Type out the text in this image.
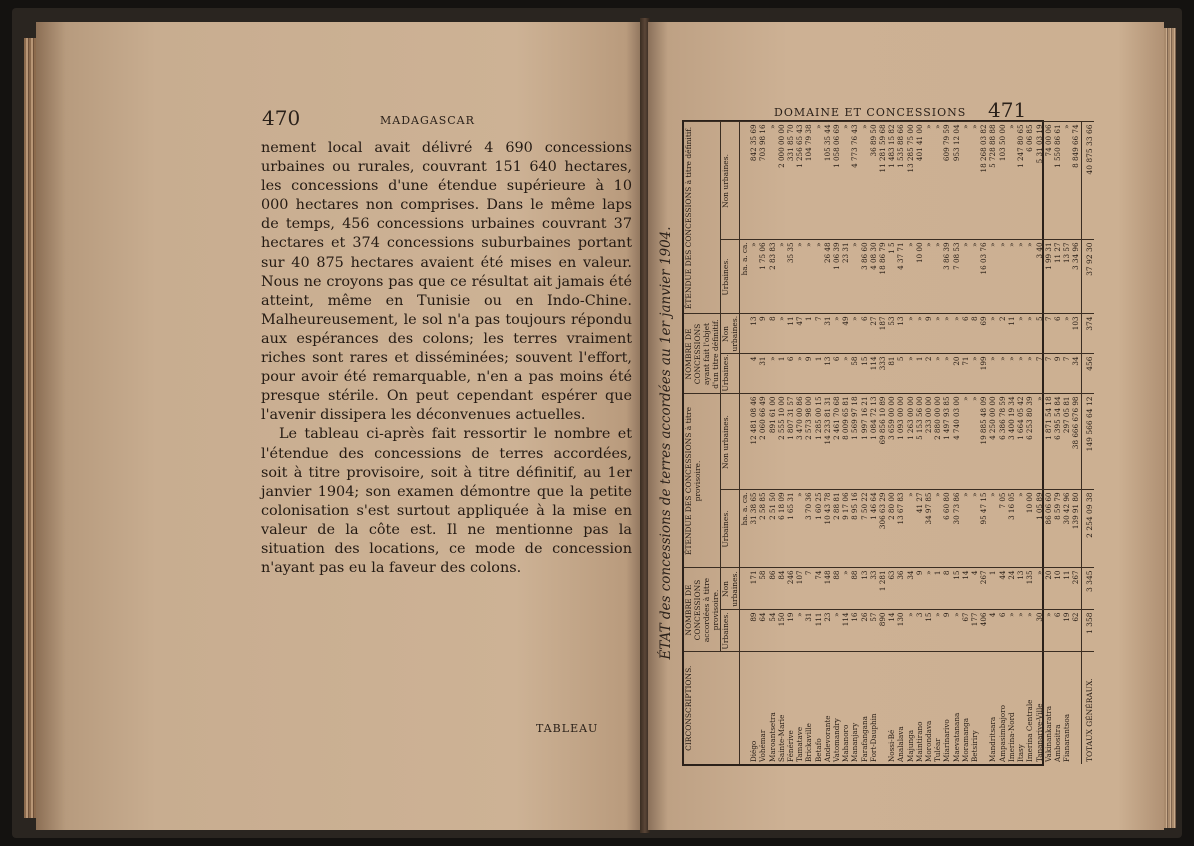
470	MADAGASCAR

nement local avait délivré 4 690 concessions urbaines ou rurales, couvrant 151 640 hectares, les concessions d'une étendue supérieure à 10 000 hectares non comprises. Dans le même laps de temps, 456 concessions urbaines couvrant 37 hectares et 374 concessions suburbaines portant sur 40 875 hectares avaient été mises en valeur. Nous ne croyons pas que ce résultat ait jamais été atteint, même en Tunisie ou en Indo-Chine. Malheureusement, le sol n'a pas toujours répondu aux espérances des colons; les terres vraiment riches sont rares et disséminées; souvent l'effort, pour avoir été remarquable, n'en a pas moins été presque stérile. On peut cependant espérer que l'avenir dissipera les déconvenues actuelles.

Le tableau ci-après fait ressortir le nombre et l'étendue des concessions de terres accordées, soit à titre provisoire, soit à titre définitif, au 1er janvier 1904; son examen démontre que la petite colonisation s'est surtout appliquée à la mise en valeur de la côte est. Il ne mentionne pas la situation des locations, ce mode de concession n'ayant pas eu la faveur des colons.

TABLEAU
DOMAINE ET CONCESSIONS 471
ÉTAT des concessions de terres accordées au 1er janvier 1904.
CIRCONSCRIPTIONS.	NOMBRE DE CONCESSIONS accordées à titre provisoire.		ÉTENDUE DES CONCESSIONS à titre provisoire.		NOMBRE DE CONCESSIONS ayant fait l'objet d'un titre définitif.		ÉTENDUE DES CONCESSIONS à titre définitif.	
	Urbaines.	Non urbaines.	Urbaines.	Non urbaines.	Urbaines.	Non urbaines.	Urbaines.	Non urbaines.
			ha. a. ca.				ha. a. ca.	
Diégo	89	171	31 38 65	12 481 08 46	4	13	»	842 35 69
Vohémar	64	58	2 58 85	2 060 66 49	31	9	1 75 06	703 98 16
Maroantsetra	54	86	2 51 50	891 61 00	»	8	2 83 83	»
Sainte-Marie	150	84	6 18 09	2 555 10 00	1	»	»	2 000 00 00
Fénérive	19	246	1 65 31	1 807 31 57	6	11	35 35	331 85 70
Tamatave	»	107	»	3 470 00 86	»	47	»	1 256 65 43
Brickaville	31	7	3 70 36	2 573 98 00	9	1	»	104 79 38
Betafo	111	74	1 60 25	1 285 00 15	1	7	»	»
Andevorante	23	148	10 43 78	14 233 81 31	13	31	26 48	105 35 44
Vatomandry	»	88	2 88 81	2 461 70 68	6	»	1 06 39	1 058 06 69
Mahanoro	114	»	9 17 06	8 009 65 81	»	49	23 31	»
Mananjary	16	88	8 95 16	1 569 97 18	58	»	»	4 773 76 43
Farafangana	26	13	7 50 22	1 997 16 21	15	6	3 86 60	»
Fort-Dauphin	57	33	1 46 64	1 084 72 13	114	27	4 08 30	36 89 50
	890	1 281	306 63 29	69 856 10 89	333	187	18 86 79	11 281 59 68
Nossi-Bé	14	63	2 80 00	3 659 00 00	81	53	1 5	1 483 15 82
Analalava	130	36	13 67 83	1 093 00 00	5	13	4 37 71	1 535 88 66
Majunga	»	34	»	1 263 00 00	»	»	»	13 285 75 00
Maintirano	3	9	41 27	5 153 56 00	1	»	10 00	401 41 00
Morondava	15	»	34 97 85	233 00 00	2	9	»	»
Tuléar	»	1	»	2 880 00 00	»	»	»	»
Miarinarivo	9	8	6 60 80	1 497 93 85	»	»	3 86 39	609 79 59
Maevatanana	»	15	30 73 86	4 740 03 00	20	»	7 08 53	953 12 04
Moramanga	67	14	»	»	71	6	»	»
Betsiriry	177	4	»	»	»	8	»	»
	406	267	95 47 15	19 885 48 09	199	69	16 03 76	18 268 03 82
Mandritsara	4	1	»	4 250 00 00	»	»	»	5 728 88 88
Ampasimbajoro	6	44	7 05	6 386 78 59	»	2	»	103 50 00
Imerina-Nord	»	24	3 16 05	3 400 19 34	»	11	»	»
Itasy	»	13	»	1 664 05 42	»	»	»	1 247 80 65
Imerina Centrale	»	135	10 00	6 253 80 39	»	»	»	6 06 85
Tananarive-Ville	30	»	1 05 89	»	7	5	3 40	5 31 03 19
Vakinankaratra	»	20	86 06 60	1 871 54 18	7	7	1 99 31	74 00 06
Ambositra	6	10	8 59 79	6 395 54 84	9	6	11 27	1 550 86 61
Fianarantsoa	19	11	30 42 96	297 05 81	7	»	13 57	»
	62	267	139 91 80	38 666 676 98	34	103	3 34 96	8 849 66 74
TOTAUX GÉNÉRAUX.	1 358	3 345	2 254 09 38	149 566 64 12	456	374	37 92 30	40 875 33 66
